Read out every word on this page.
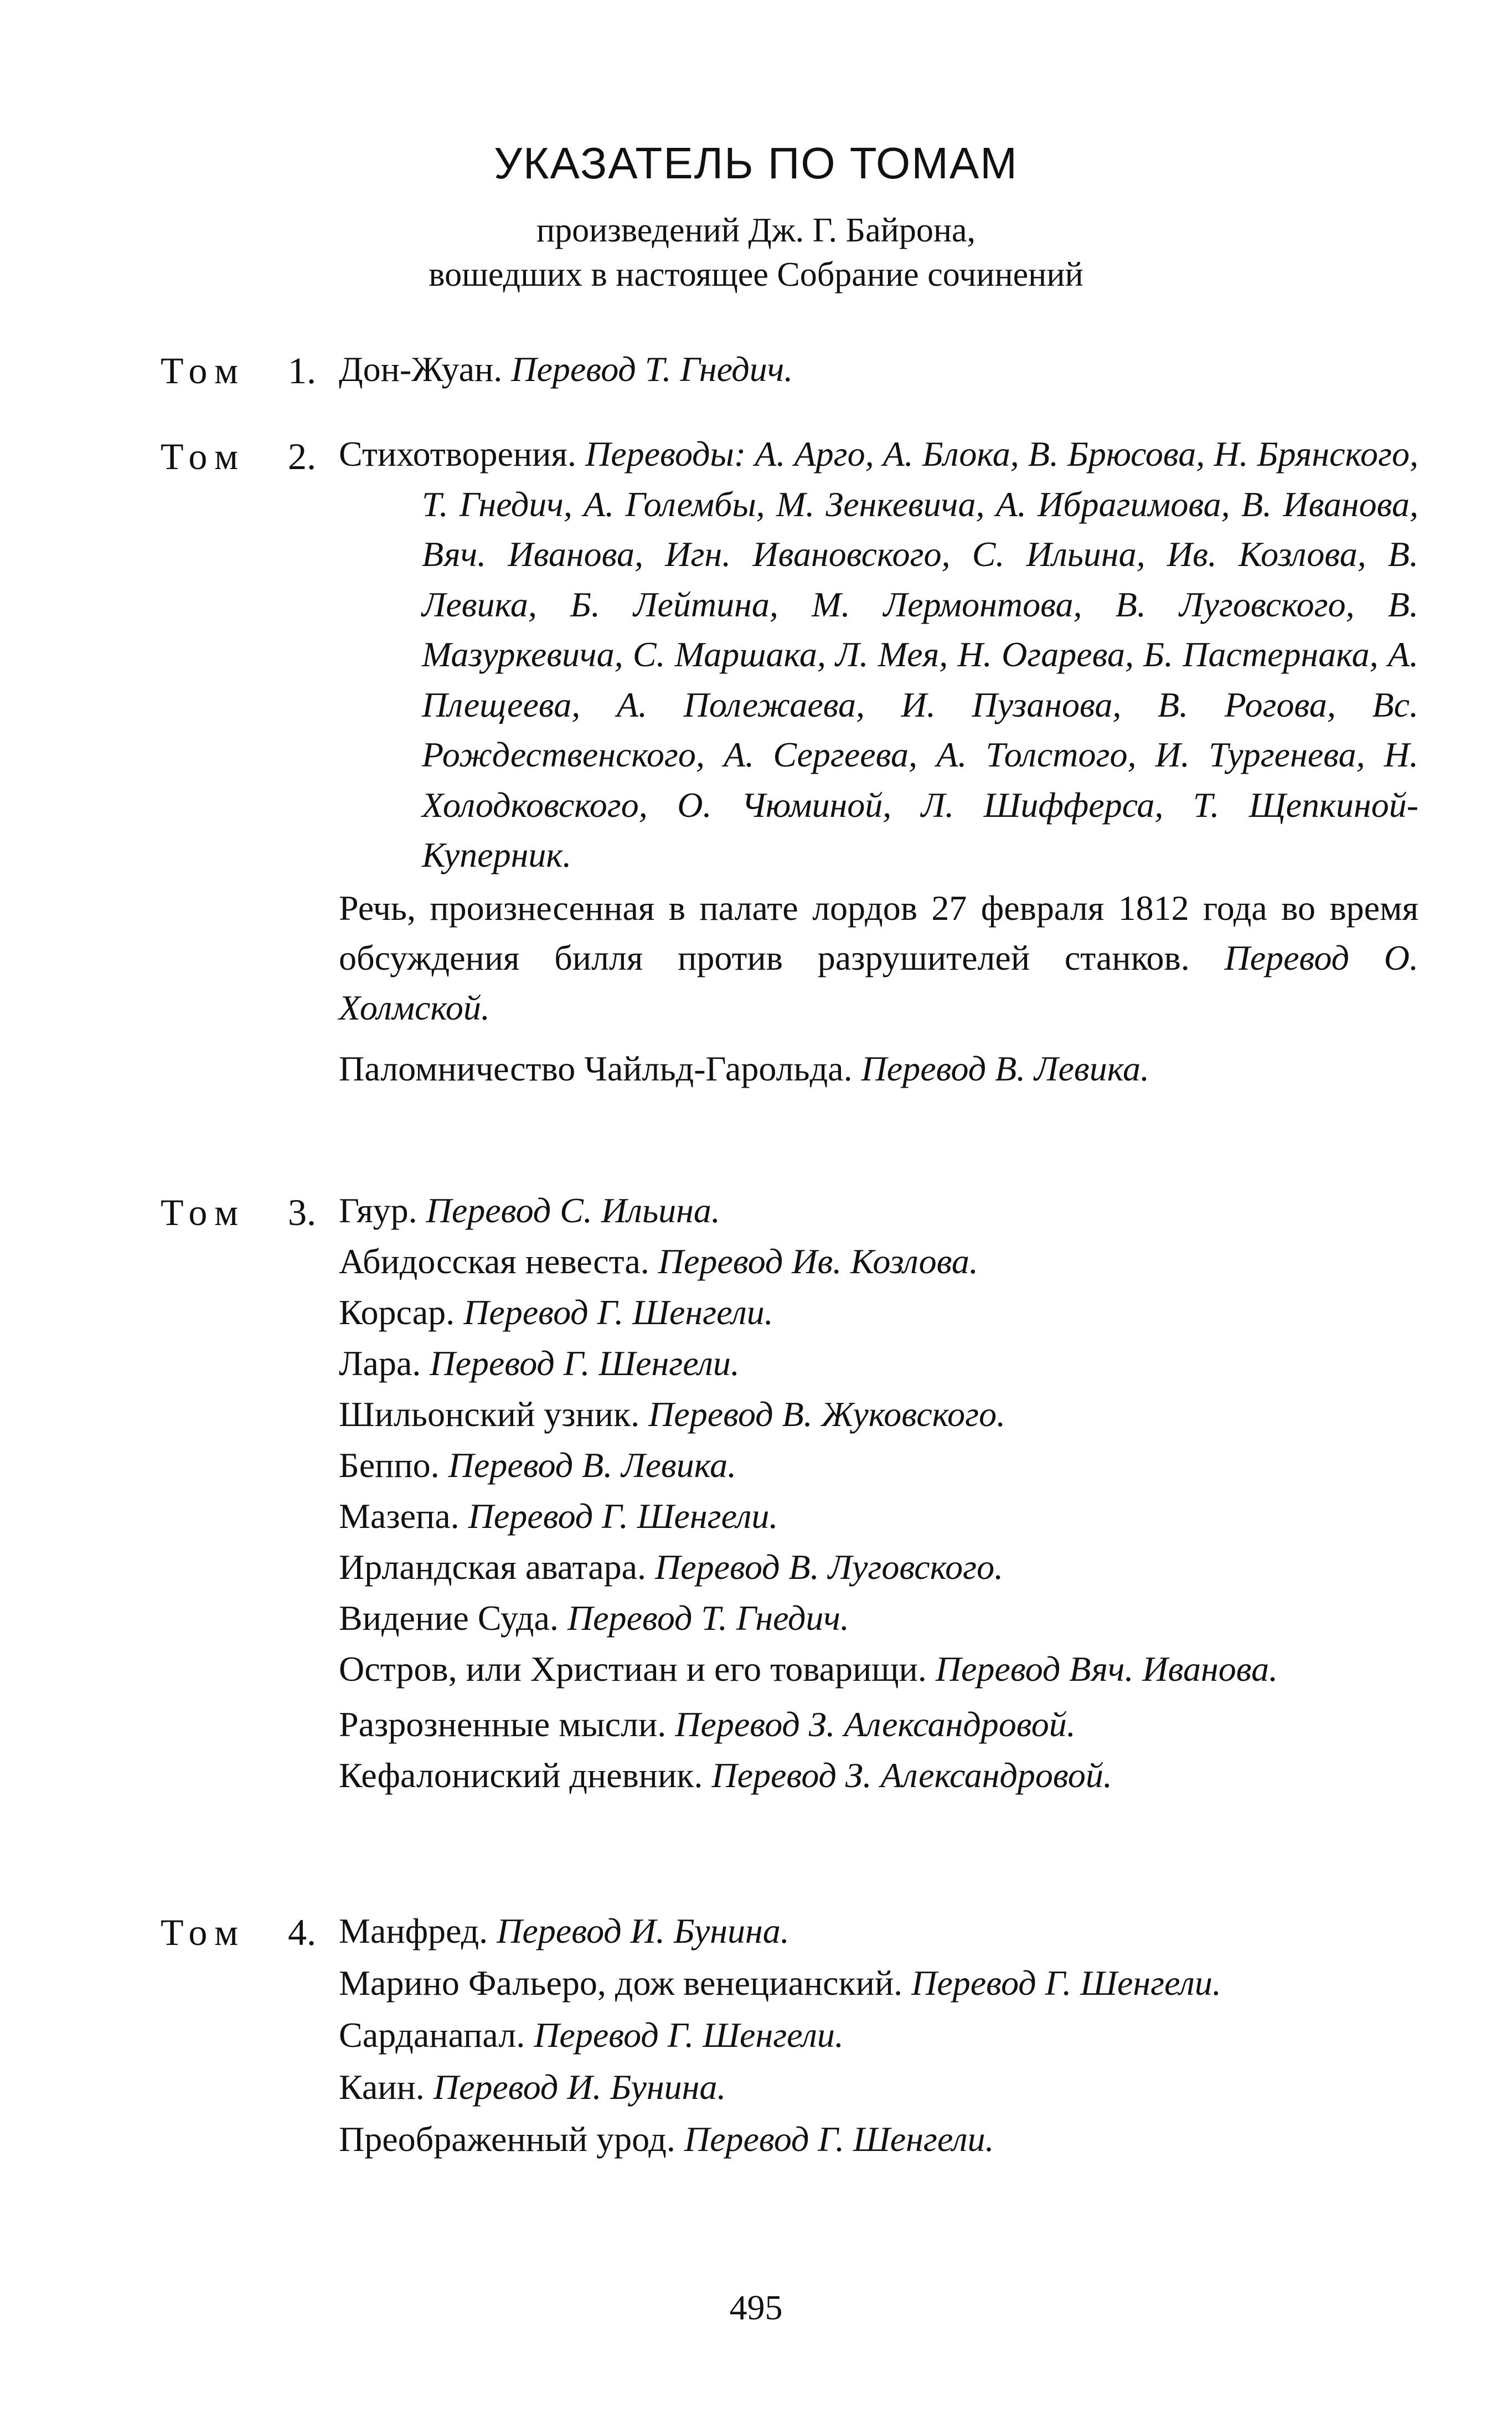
УКАЗАТЕЛЬ ПО ТОМАМ
произведений Дж. Г. Байрона,
вошедших в настоящее Собрание сочинений
Том 1. Дон-Жуан. Перевод Т. Гнедич.

Том 2. Стихотворения. Переводы: А. Арго, А. Блока, В. Брюсова, Н. Брянского, Т. Гнедич, А. Голембы, М. Зенкевича, А. Ибрагимова, В. Иванова, Вяч. Иванова, Игн. Ивановского, С. Ильина, Ив. Козлова, В. Левика, Б. Лейтина, М. Лермонтова, В. Луговского, В. Мазуркевича, С. Маршака, Л. Мея, Н. Огарева, Б. Пастернака, А. Плещеева, А. Полежаева, И. Пузанова, В. Рогова, Вс. Рождественского, А. Сергеева, А. Толстого, И. Тургенева, Н. Холодковского, О. Чюминой, Л. Шифферса, Т. Щепкиной-Куперник.

Речь, произнесенная в палате лордов 27 февраля 1812 года во время обсуждения билля против разрушителей станков. Перевод О. Холмской.

Паломничество Чайльд-Гарольда. Перевод В. Левика.

Том 3. Гяур. Перевод С. Ильина.

Абидосская невеста. Перевод Ив. Козлова.

Корсар. Перевод Г. Шенгели.

Лара. Перевод Г. Шенгели.

Шильонский узник. Перевод В. Жуковского.

Беппо. Перевод В. Левика.

Мазепа. Перевод Г. Шенгели.

Ирландская аватара. Перевод В. Луговского.

Видение Суда. Перевод Т. Гнедич.

Остров, или Христиан и его товарищи. Перевод Вяч. Иванова.

Разрозненные мысли. Перевод З. Александровой.

Кефалониский дневник. Перевод З. Александровой.

Том 4. Манфред. Перевод И. Бунина.

Марино Фальеро, дож венецианский. Перевод Г. Шенгели.

Сарданапал. Перевод Г. Шенгели.

Каин. Перевод И. Бунина.

Преображенный урод. Перевод Г. Шенгели.

495
